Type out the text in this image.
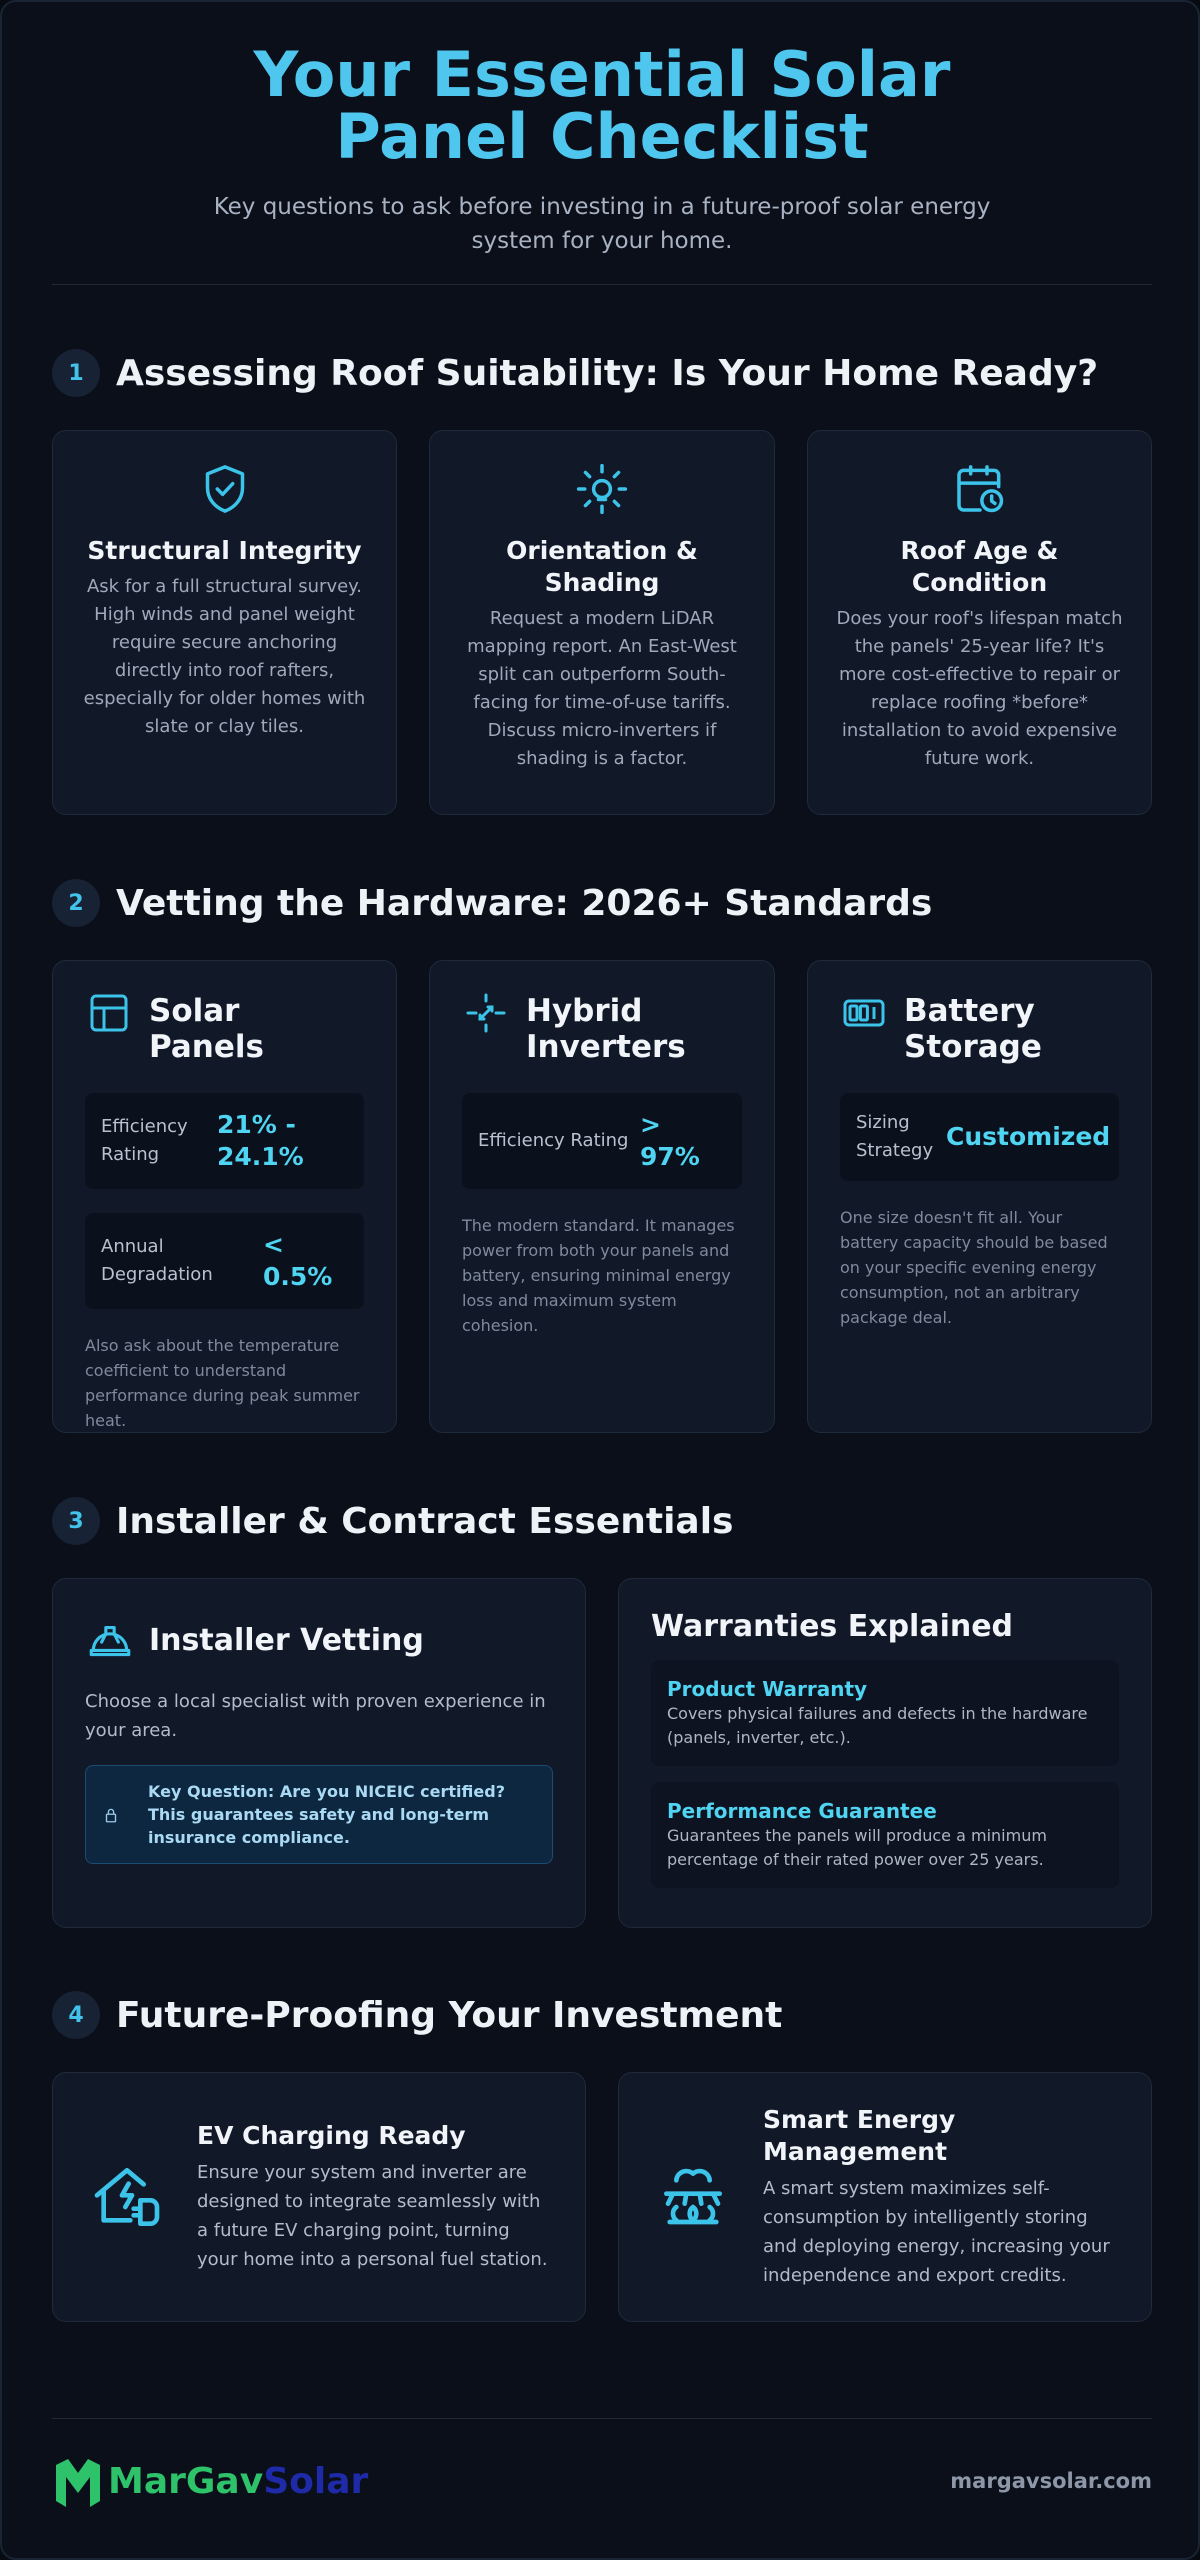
Your Essential Solar Panel Checklist

Key questions to ask before investing in a future-proof solar energy system for your home.

1 Assessing Roof Suitability: Is Your Home Ready?
Structural Integrity

Ask for a full structural survey. High winds and panel weight require secure anchoring directly into roof rafters, especially for older homes with slate or clay tiles.

Orientation & Shading

Request a modern LiDAR mapping report. An East-West split can outperform South-facing for time-of-use tariffs. Discuss micro-inverters if shading is a factor.

Roof Age & Condition

Does your roof's lifespan match the panels' 25-year life? It's more cost-effective to repair or replace roofing *before* installation to avoid expensive future work.

2 Vetting the Hardware: 2026+ Standards
Solar Panels
Efficiency Rating
21% - 24.1%
Annual Degradation
< 0.5%

Also ask about the temperature coefficient to understand performance during peak summer heat.

Hybrid Inverters
Efficiency Rating
> 97%

The modern standard. It manages power from both your panels and battery, ensuring minimal energy loss and maximum system cohesion.

Battery Storage
Sizing Strategy Customized

One size doesn't fit all. Your battery capacity should be based on your specific evening energy consumption, not an arbitrary package deal.

3 Installer & Contract Essentials
Installer Vetting

Choose a local specialist with proven experience in your area.

Key Question: Are you NICEIC certified? This guarantees safety and long-term insurance compliance.
Warranties Explained
Product Warranty

Covers physical failures and defects in the hardware (panels, inverter, etc.).

Performance Guarantee

Guarantees the panels will produce a minimum percentage of their rated power over 25 years.

4 Future-Proofing Your Investment
EV Charging Ready

Ensure your system and inverter are designed to integrate seamlessly with a future EV charging point, turning your home into a personal fuel station.

Smart Energy Management

A smart system maximizes self-consumption by intelligently storing and deploying energy, increasing your independence and export credits.

MarGav Solar	margavsolar.com
